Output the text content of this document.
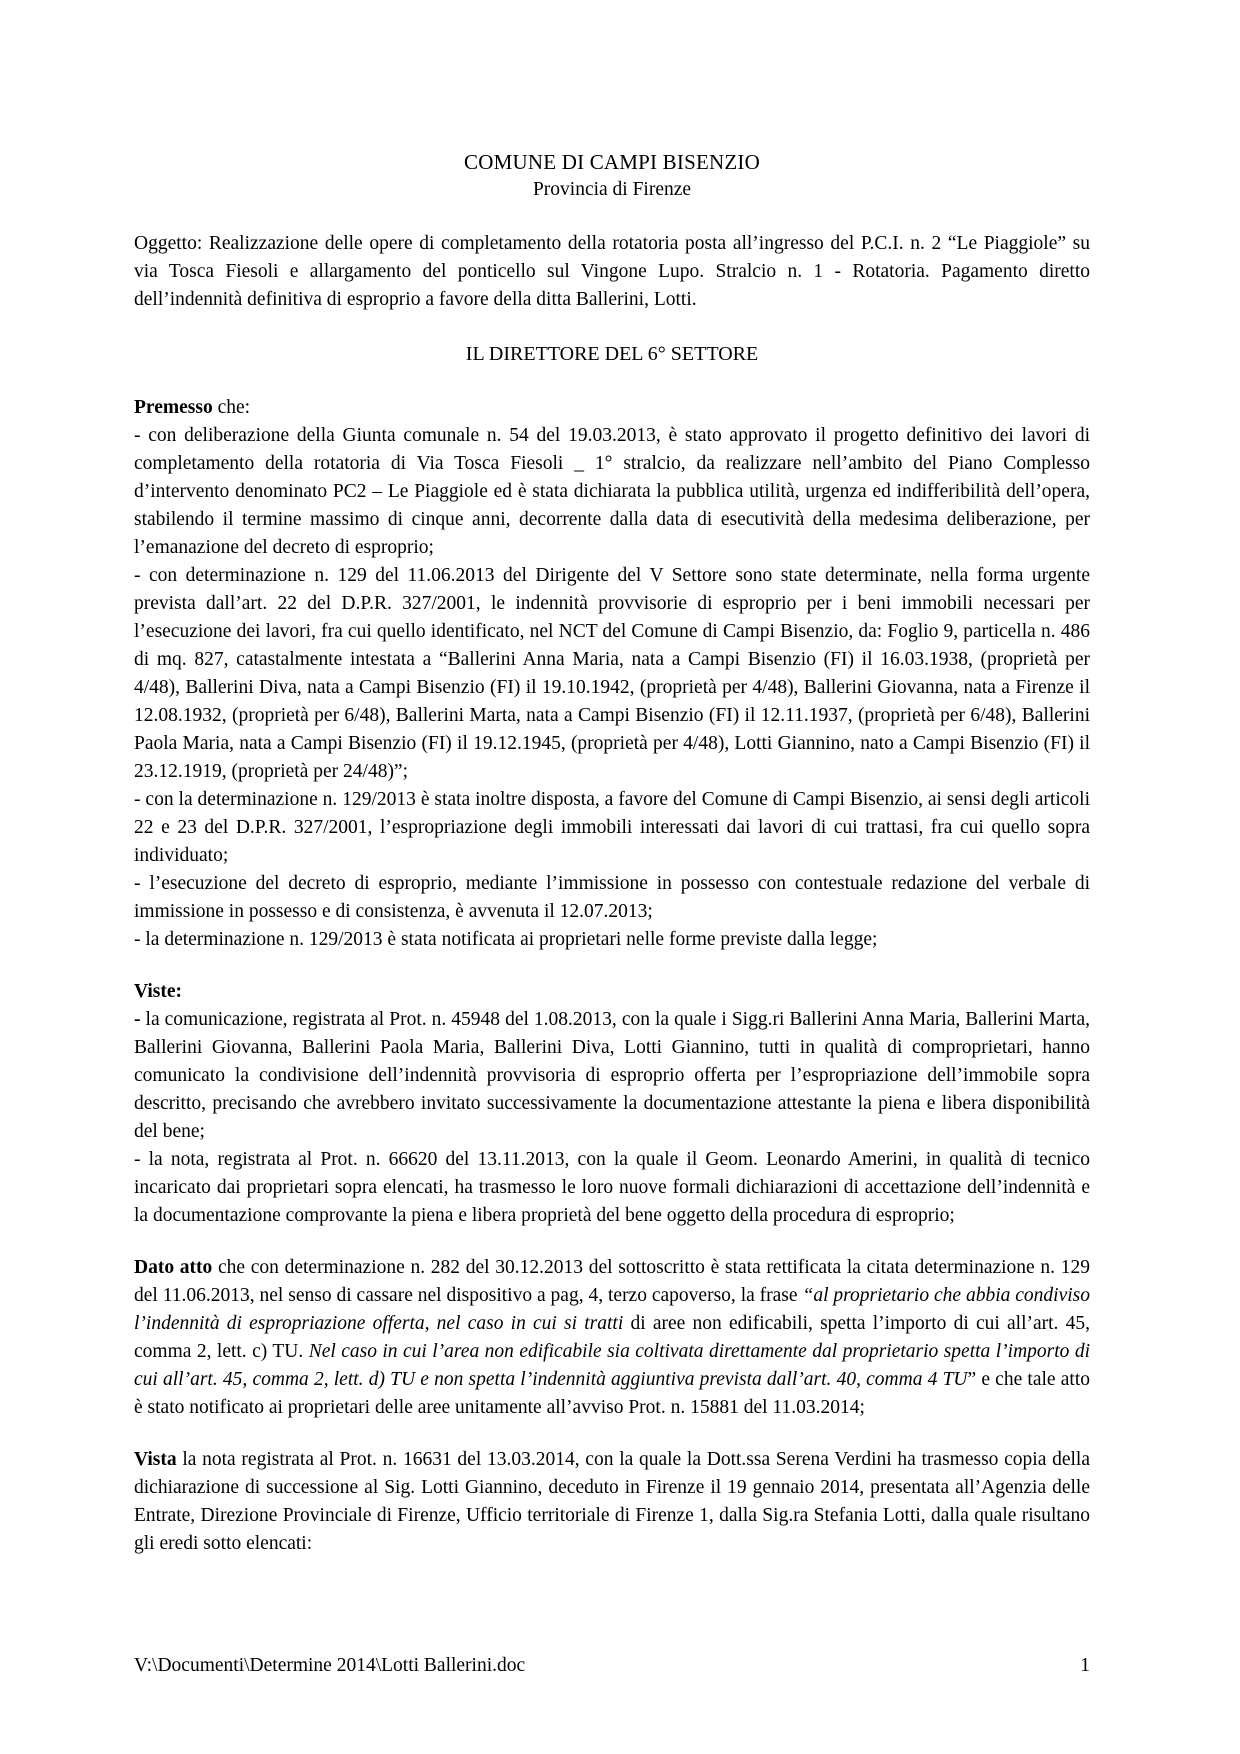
COMUNE DI CAMPI BISENZIO
Provincia di Firenze

Oggetto: Realizzazione delle opere di completamento della rotatoria posta all’ingresso del P.C.I. n. 2 “Le Piaggiole” su via Tosca Fiesoli e allargamento del ponticello sul Vingone Lupo. Stralcio n. 1 - Rotatoria. Pagamento diretto dell’indennità definitiva di esproprio a favore della ditta Ballerini, Lotti.

IL DIRETTORE DEL 6° SETTORE

Premesso che:

- con deliberazione della Giunta comunale n. 54 del 19.03.2013, è stato approvato il progetto definitivo dei lavori di completamento della rotatoria di Via Tosca Fiesoli _ 1° stralcio, da realizzare nell’ambito del Piano Complesso d’intervento denominato PC2 – Le Piaggiole ed è stata dichiarata la pubblica utilità, urgenza ed indifferibilità dell’opera, stabilendo il termine massimo di cinque anni, decorrente dalla data di esecutività della medesima deliberazione, per l’emanazione del decreto di esproprio;

- con determinazione n. 129 del 11.06.2013 del Dirigente del V Settore sono state determinate, nella forma urgente prevista dall’art. 22 del D.P.R. 327/2001, le indennità provvisorie di esproprio per i beni immobili necessari per l’esecuzione dei lavori, fra cui quello identificato, nel NCT del Comune di Campi Bisenzio, da: Foglio 9, particella n. 486 di mq. 827, catastalmente intestata a “Ballerini Anna Maria, nata a Campi Bisenzio (FI) il 16.03.1938, (proprietà per 4/48), Ballerini Diva, nata a Campi Bisenzio (FI) il 19.10.1942, (proprietà per 4/48), Ballerini Giovanna, nata a Firenze il 12.08.1932, (proprietà per 6/48), Ballerini Marta, nata a Campi Bisenzio (FI) il 12.11.1937, (proprietà per 6/48), Ballerini Paola Maria, nata a Campi Bisenzio (FI) il 19.12.1945, (proprietà per 4/48), Lotti Giannino, nato a Campi Bisenzio (FI) il 23.12.1919, (proprietà per 24/48)”;

- con la determinazione n. 129/2013 è stata inoltre disposta, a favore del Comune di Campi Bisenzio, ai sensi degli articoli 22 e 23 del D.P.R. 327/2001, l’espropriazione degli immobili interessati dai lavori di cui trattasi, fra cui quello sopra individuato;

- l’esecuzione del decreto di esproprio, mediante l’immissione in possesso con contestuale redazione del verbale di immissione in possesso e di consistenza, è avvenuta il 12.07.2013;

- la determinazione n. 129/2013 è stata notificata ai proprietari nelle forme previste dalla legge;

Viste:

- la comunicazione, registrata al Prot. n. 45948 del 1.08.2013, con la quale i Sigg.ri Ballerini Anna Maria, Ballerini Marta, Ballerini Giovanna, Ballerini Paola Maria, Ballerini Diva, Lotti Giannino, tutti in qualità di comproprietari, hanno comunicato la condivisione dell’indennità provvisoria di esproprio offerta per l’espropriazione dell’immobile sopra descritto, precisando che avrebbero invitato successivamente la documentazione attestante la piena e libera disponibilità del bene;

- la nota, registrata al Prot. n. 66620 del 13.11.2013, con la quale il Geom. Leonardo Amerini, in qualità di tecnico incaricato dai proprietari sopra elencati, ha trasmesso le loro nuove formali dichiarazioni di accettazione dell’indennità e la documentazione comprovante la piena e libera proprietà del bene oggetto della procedura di esproprio;

Dato atto che con determinazione n. 282 del 30.12.2013 del sottoscritto è stata rettificata la citata determinazione n. 129 del 11.06.2013, nel senso di cassare nel dispositivo a pag, 4, terzo capoverso, la frase “al proprietario che abbia condiviso l’indennità di espropriazione offerta, nel caso in cui si tratti di aree non edificabili, spetta l’importo di cui all’art. 45, comma 2, lett. c) TU. Nel caso in cui l’area non edificabile sia coltivata direttamente dal proprietario spetta l’importo di cui all’art. 45, comma 2, lett. d) TU e non spetta l’indennità aggiuntiva prevista dall’art. 40, comma 4 TU” e che tale atto è stato notificato ai proprietari delle aree unitamente all’avviso Prot. n. 15881 del 11.03.2014;

Vista la nota registrata al Prot. n. 16631 del 13.03.2014, con la quale la Dott.ssa Serena Verdini ha trasmesso copia della dichiarazione di successione al Sig. Lotti Giannino, deceduto in Firenze il 19 gennaio 2014, presentata all’Agenzia delle Entrate, Direzione Provinciale di Firenze, Ufficio territoriale di Firenze 1, dalla Sig.ra Stefania Lotti, dalla quale risultano gli eredi sotto elencati:

V:\Documenti\Determine 2014\Lotti Ballerini.doc	1
